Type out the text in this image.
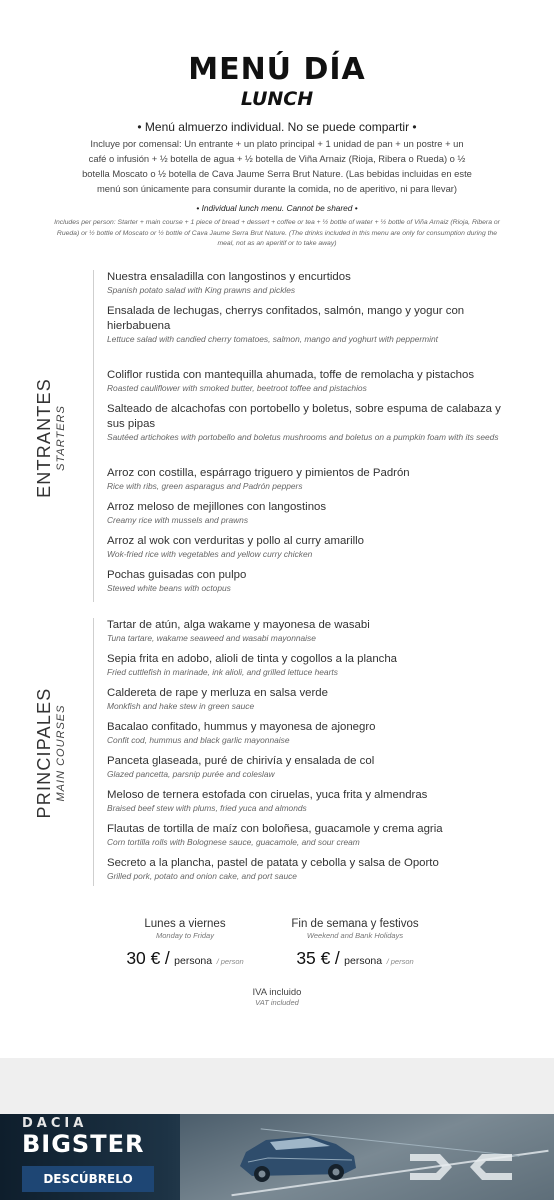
MENÚ DÍA
LUNCH
• Menú almuerzo individual. No se puede compartir •
Incluye por comensal: Un entrante + un plato principal + 1 unidad de pan + un postre + un café o infusión + ½ botella de agua + ½ botella de Viña Arnaiz (Rioja, Ribera o Rueda) o ½ botella Moscato o ½ botella de Cava Jaume Serra Brut Nature. (Las bebidas incluidas en este menú son únicamente para consumir durante la comida, no de aperitivo, ni para llevar)
• Individual lunch menu. Cannot be shared •
Includes per person: Starter + main course + 1 piece of bread + dessert + coffee or tea + ½ bottle of water + ½ bottle of Viña Arnaiz (Rioja, Ribera or Rueda) or ½ bottle of Moscato or ½ bottle of Cava Jaume Serra Brut Nature. (The drinks included in this menu are only for consumption during the meal, not as an aperitif or to take away)
ENTRANTES STARTERS
Nuestra ensaladilla con langostinos y encurtidos
Spanish potato salad with King prawns and pickles
Ensalada de lechugas, cherrys confitados, salmón, mango y yogur con hierbabuena
Lettuce salad with candied cherry tomatoes, salmon, mango and yoghurt with peppermint
Coliflor rustida con mantequilla ahumada, toffe de remolacha y pistachos
Roasted cauliflower with smoked butter, beetroot toffee and pistachios
Salteado de alcachofas con portobello y boletus, sobre espuma de calabaza y sus pipas
Sautéed artichokes with portobello and boletus mushrooms and boletus on a pumpkin foam with its seeds
Arroz con costilla, espárrago triguero y pimientos de Padrón
Rice with ribs, green asparagus and Padrón peppers
Arroz meloso de mejillones con langostinos
Creamy rice with mussels and prawns
Arroz al wok con verduritas y pollo al curry amarillo
Wok-fried rice with vegetables and yellow curry chicken
Pochas guisadas con pulpo
Stewed white beans with octopus
PRINCIPALES MAIN COURSES
Tartar de atún, alga wakame y mayonesa de wasabi
Tuna tartare, wakame seaweed and wasabi mayonnaise
Sepia frita en adobo, alioli de tinta y cogollos a la plancha
Fried cuttlefish in marinade, ink alioli, and grilled lettuce hearts
Caldereta de rape y merluza en salsa verde
Monkfish and hake stew in green sauce
Bacalao confitado, hummus y mayonesa de ajonegro
Confit cod, hummus and black garlic mayonnaise
Panceta glaseada, puré de chirivía y ensalada de col
Glazed pancetta, parsnip purée and coleslaw
Meloso de ternera estofada con ciruelas, yuca frita y almendras
Braised beef stew with plums, fried yuca and almonds
Flautas de tortilla de maíz con boloñesa, guacamole y crema agria
Corn tortilla rolls with Bolognese sauce, guacamole, and sour cream
Secreto a la plancha, pastel de patata y cebolla y salsa de Oporto
Grilled pork, potato and onion cake, and port sauce
Lunes a viernes
Monday to Friday
30 € / persona / person
Fin de semana y festivos
Weekend and Bank Holidays
35 € / persona / person
IVA incluido
VAT included
DACIA
BIGSTER
DESCÚBRELO
